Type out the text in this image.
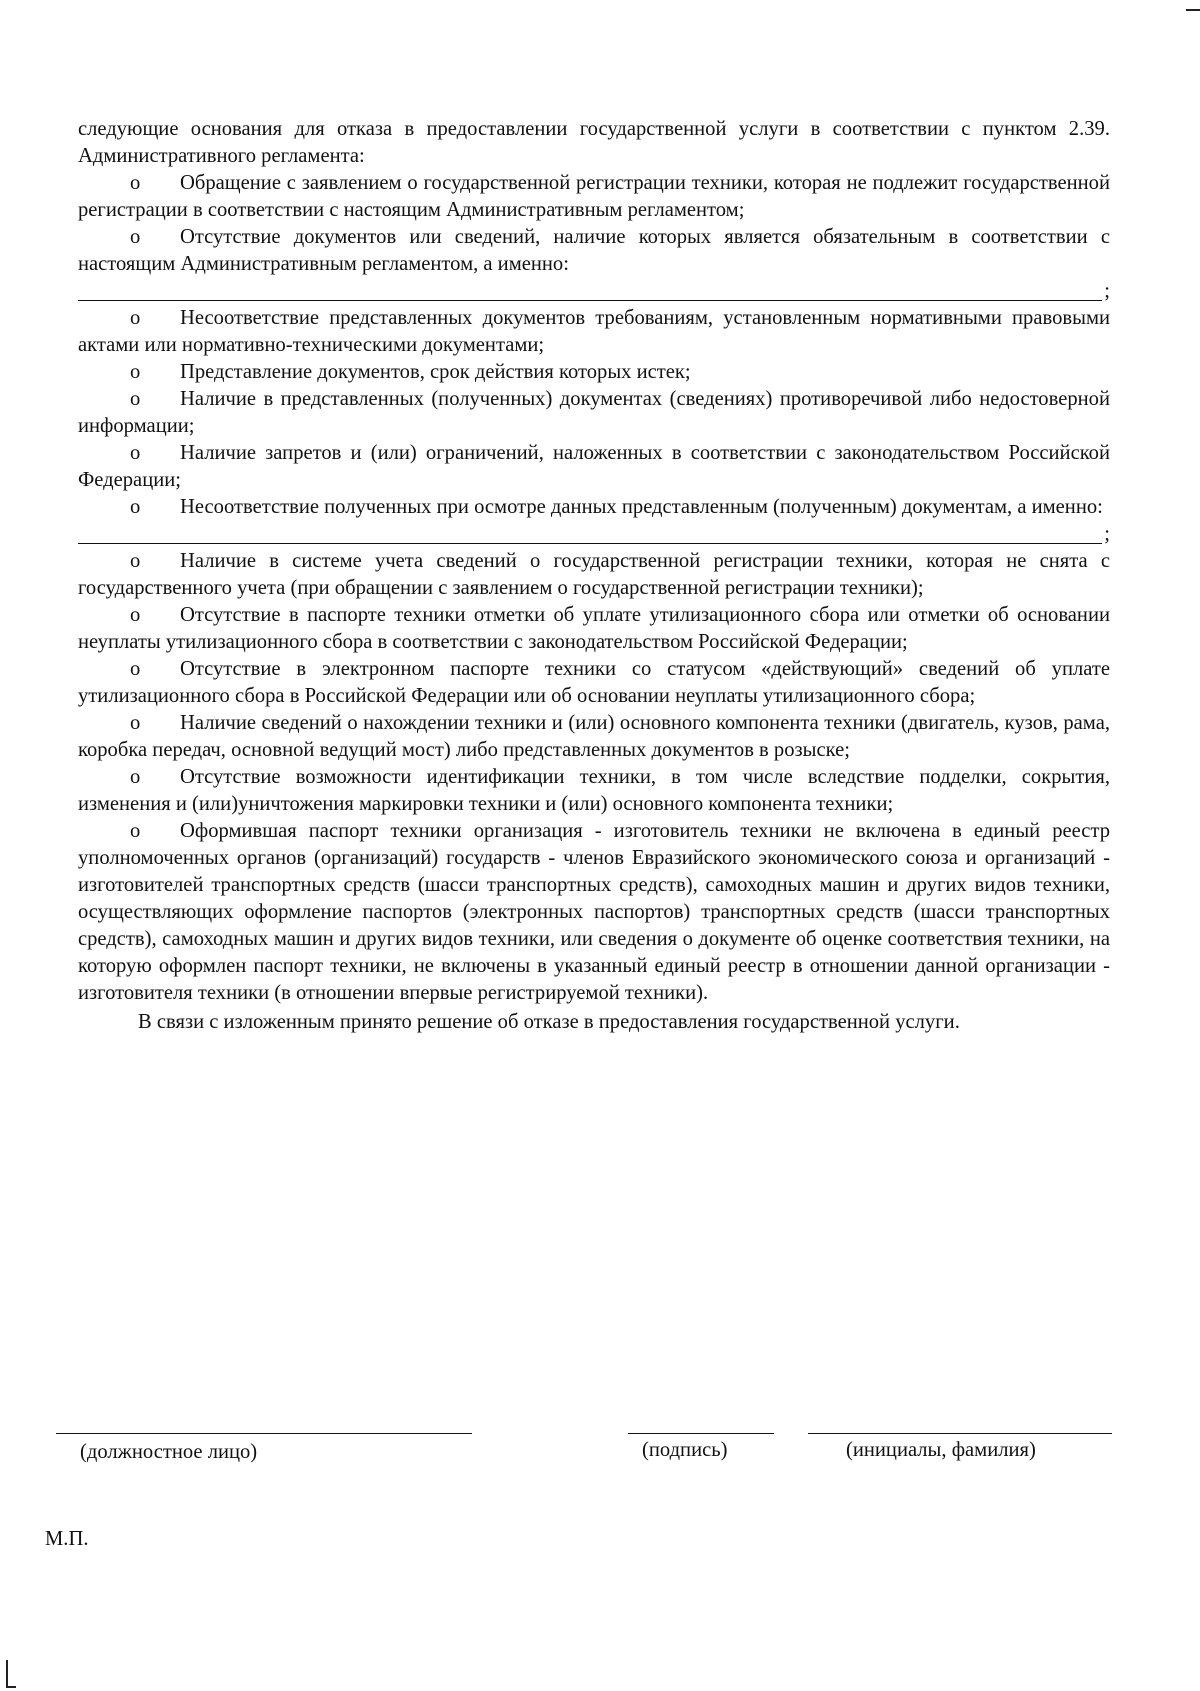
следующие основания для отказа в предоставлении государственной услуги в соответствии с пунктом 2.39. Административного регламента:

o Обращение с заявлением о государственной регистрации техники, которая не подлежит государственной регистрации в соответствии с настоящим Административным регламентом;

o Отсутствие документов или сведений, наличие которых является обязательным в соответствии с настоящим Административным регламентом, а именно:

;

o Несоответствие представленных документов требованиям, установленным нормативными правовыми актами или нормативно-техническими документами;

o Представление документов, срок действия которых истек;

o Наличие в представленных (полученных) документах (сведениях) противоречивой либо недостоверной информации;

o Наличие запретов и (или) ограничений, наложенных в соответствии с законодательством Российской Федерации;

o Несоответствие полученных при осмотре данных представленным (полученным) документам, а именно:

;

o Наличие в системе учета сведений о государственной регистрации техники, которая не снята с государственного учета (при обращении с заявлением о государственной регистрации техники);

o Отсутствие в паспорте техники отметки об уплате утилизационного сбора или отметки об основании неуплаты утилизационного сбора в соответствии с законодательством Российской Федерации;

o Отсутствие в электронном паспорте техники со статусом «действующий» сведений об уплате утилизационного сбора в Российской Федерации или об основании неуплаты утилизационного сбора;

o Наличие сведений о нахождении техники и (или) основного компонента техники (двигатель, кузов, рама, коробка передач, основной ведущий мост) либо представленных документов в розыске;

o Отсутствие возможности идентификации техники, в том числе вследствие подделки, сокрытия, изменения и (или)уничтожения маркировки техники и (или) основного компонента техники;

o Оформившая паспорт техники организация - изготовитель техники не включена в единый реестр уполномоченных органов (организаций) государств - членов Евразийского экономического союза и организаций - изготовителей транспортных средств (шасси транспортных средств), самоходных машин и других видов техники, осуществляющих оформление паспортов (электронных паспортов) транспортных средств (шасси транспортных средств), самоходных машин и других видов техники, или сведения о документе об оценке соответствия техники, на которую оформлен паспорт техники, не включены в указанный единый реестр в отношении данной организации - изготовителя техники (в отношении впервые регистрируемой техники).

В связи с изложенным принято решение об отказе в предоставления государственной услуги.

(должностное лицо)	(подпись)	(инициалы, фамилия)
М.П.
